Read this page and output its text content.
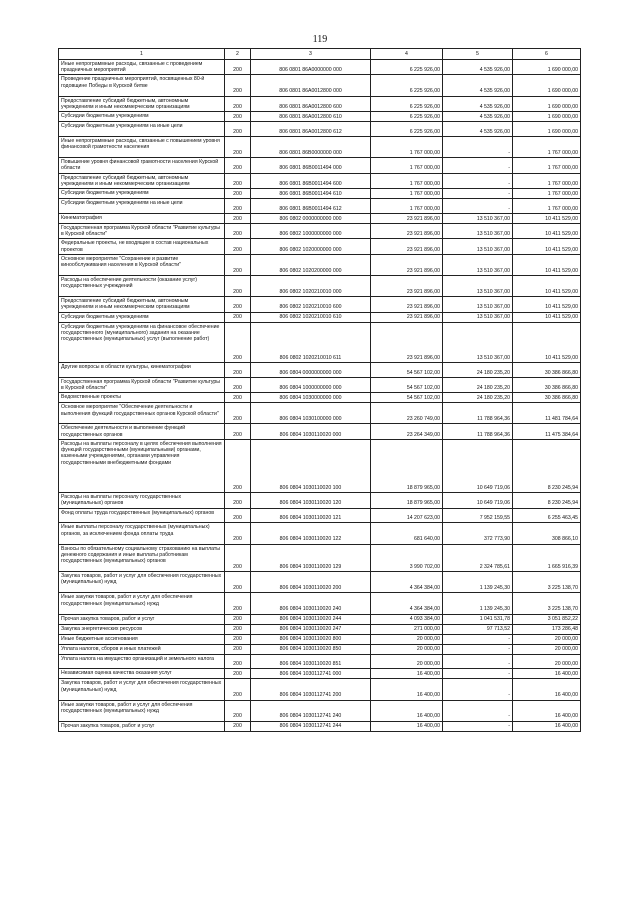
119
1	2	3	4	5	6
Иные непрограммные расходы, связанные с проведением праздничных мероприятий	200	806 0801 86А0000000 000	6 225 926,00	4 535 926,00	1 690 000,00
Проведение праздничных мероприятий, посвященных 80-й годовщине Победы в Курской битве	200	806 0801 86А0012800 000	6 225 926,00	4 535 926,00	1 690 000,00
Предоставление субсидий бюджетным, автономным учреждениям и иным некоммерческим организациям	200	806 0801 86А0012800 600	6 225 926,00	4 535 926,00	1 690 000,00
Субсидии бюджетным учреждениям	200	806 0801 86А0012800 610	6 225 926,00	4 535 926,00	1 690 000,00
Субсидии бюджетным учреждениям на иные цели	200	806 0801 86А0012800 612	6 225 926,00	4 535 926,00	1 690 000,00
Иные непрограммные расходы, связанные с повышением уровня финансовой грамотности населения	200	806 0801 86В0000000 000	1 767 000,00	-	1 767 000,00
Повышение уровня финансовой грамотности населения Курской области	200	806 0801 86В0011494 000	1 767 000,00	-	1 767 000,00
Предоставление субсидий бюджетным, автономным учреждениям и иным некоммерческим организациям	200	806 0801 86В0011494 600	1 767 000,00	-	1 767 000,00
Субсидии бюджетным учреждениям	200	806 0801 86В0011494 610	1 767 000,00	-	1 767 000,00
Субсидии бюджетным учреждениям на иные цели	200	806 0801 86В0011494 612	1 767 000,00	-	1 767 000,00
Кинематография	200	806 0802 0000000000 000	23 921 896,00	13 510 367,00	10 411 529,00
Государственная программа Курской области "Развитие культуры в Курской области"	200	806 0802 1000000000 000	23 921 896,00	13 510 367,00	10 411 529,00
Федеральные проекты, не входящие в состав национальных проектов	200	806 0802 1020000000 000	23 921 896,00	13 510 367,00	10 411 529,00
Основное мероприятие "Сохранение и развитие кинообслуживания населения в Курской области"	200	806 0802 1020200000 000	23 921 896,00	13 510 367,00	10 411 529,00
Расходы на обеспечение деятельности (оказание услуг) государственных учреждений	200	806 0802 1020210010 000	23 921 896,00	13 510 367,00	10 411 529,00
Предоставление субсидий бюджетным, автономным учреждениям и иным некоммерческим организациям	200	806 0802 1020210010 600	23 921 896,00	13 510 367,00	10 411 529,00
Субсидии бюджетным учреждениям	200	806 0802 1020210010 610	23 921 896,00	13 510 367,00	10 411 529,00
Субсидии бюджетным учреждениям на финансовое обеспечение государственного (муниципального) задания на оказание государственных (муниципальных) услуг (выполнение работ)	200	806 0802 1020210010 611	23 921 896,00	13 510 367,00	10 411 529,00
Другие вопросы в области культуры, кинематографии	200	806 0804 0000000000 000	54 567 102,00	24 180 235,20	30 386 866,80
Государственная программа Курской области "Развитие культуры в Курской области"	200	806 0804 1000000000 000	54 567 102,00	24 180 235,20	30 386 866,80
Ведомственные проекты	200	806 0804 1030000000 000	54 567 102,00	24 180 235,20	30 386 866,80
Основное мероприятие "Обеспечение деятельности и выполнения функций государственных органов Курской области"	200	806 0804 1030100000 000	23 260 749,00	11 788 964,36	11 481 784,64
Обеспечение деятельности и выполнение функций государственных органов	200	806 0804 1030110020 000	23 264 349,00	11 788 964,36	11 475 384,64
Расходы на выплаты персоналу в целях обеспечения выполнения функций государственными (муниципальными) органами, казенными учреждениями, органами управления государственными внебюджетными фондами	200	806 0804 1030110020 100	18 879 965,00	10 649 719,06	8 230 245,94
Расходы на выплаты персоналу государственных (муниципальных) органов	200	806 0804 1030110020 120	18 879 965,00	10 649 719,06	8 230 245,94
Фонд оплаты труда государственных (муниципальных) органов	200	806 0804 1030110020 121	14 207 623,00	7 952 159,55	6 255 463,45
Иные выплаты персоналу государственных (муниципальных) органов, за исключением фонда оплаты труда	200	806 0804 1030110020 122	681 640,00	372 773,90	308 866,10
Взносы по обязательному социальному страхованию на выплаты денежного содержания и иные выплаты работникам государственных (муниципальных) органов	200	806 0804 1030110020 129	3 990 702,00	2 324 785,61	1 665 916,39
Закупка товаров, работ и услуг для обеспечения государственных (муниципальных) нужд	200	806 0804 1030110020 200	4 364 384,00	1 139 245,30	3 225 138,70
Иные закупки товаров, работ и услуг для обеспечения государственных (муниципальных) нужд	200	806 0804 1030110020 240	4 364 384,00	1 139 245,30	3 225 138,70
Прочая закупка товаров, работ и услуг	200	806 0804 1030110020 244	4 093 384,00	1 041 531,78	3 051 852,22
Закупка энергетических ресурсов	200	806 0804 1030110020 247	271 000,00	97 713,52	173 286,48
Иные бюджетные ассигнования	200	806 0804 1030110020 800	20 000,00	-	20 000,00
Уплата налогов, сборов и иных платежей	200	806 0804 1030110020 850	20 000,00	-	20 000,00
Уплата налога на имущество организаций и земельного налога	200	806 0804 1030110020 851	20 000,00	-	20 000,00
Независимая оценка качества оказания услуг	200	806 0804 1030112741 000	16 400,00	-	16 400,00
Закупка товаров, работ и услуг для обеспечения государственных (муниципальных) нужд	200	806 0804 1030112741 200	16 400,00	-	16 400,00
Иные закупки товаров, работ и услуг для обеспечения государственных (муниципальных) нужд	200	806 0804 1030112741 240	16 400,00	-	16 400,00
Прочая закупка товаров, работ и услуг	200	806 0804 1030112741 244	16 400,00	-	16 400,00
